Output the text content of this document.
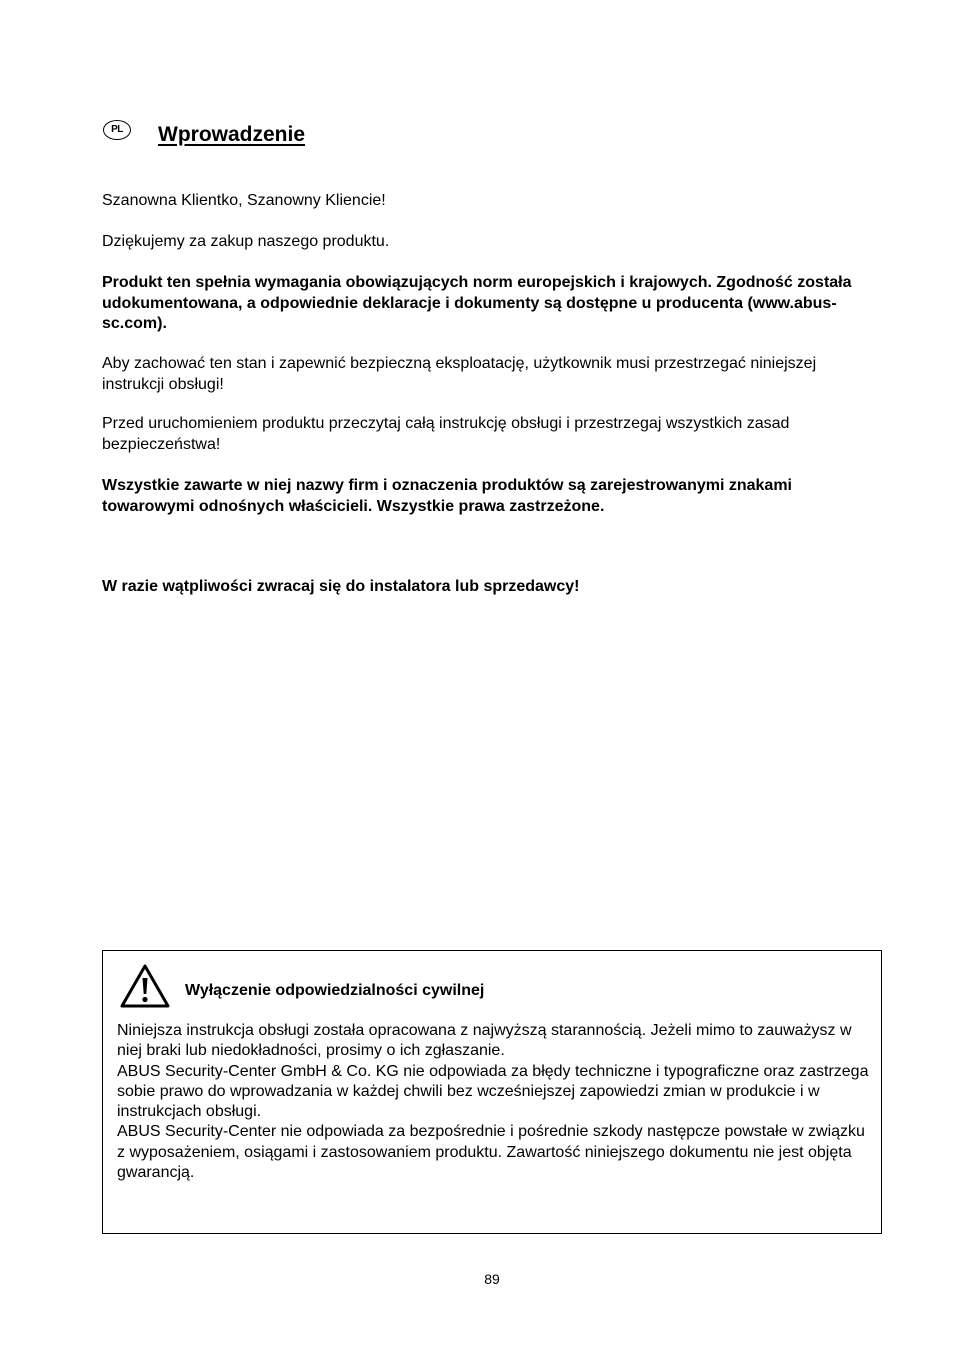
PL	Wprowadzenie
Szanowna Klientko, Szanowny Kliencie!
Dziękujemy za zakup naszego produktu.
Produkt ten spełnia wymagania obowiązujących norm europejskich i krajowych. Zgodność została udokumentowana, a odpowiednie deklaracje i dokumenty są dostępne u producenta (www.abus-sc.com).
Aby zachować ten stan i zapewnić bezpieczną eksploatację, użytkownik musi przestrzegać niniejszej instrukcji obsługi!
Przed uruchomieniem produktu przeczytaj całą instrukcję obsługi i przestrzegaj wszystkich zasad bezpieczeństwa!
Wszystkie zawarte w niej nazwy firm i oznaczenia produktów są zarejestrowanymi znakami towarowymi odnośnych właścicieli. Wszystkie prawa zastrzeżone.
W razie wątpliwości zwracaj się do instalatora lub sprzedawcy!
Wyłączenie odpowiedzialności cywilnej

Niniejsza instrukcja obsługi została opracowana z najwyższą starannością. Jeżeli mimo to zauważysz w niej braki lub niedokładności, prosimy o ich zgłaszanie.

ABUS Security-Center GmbH & Co. KG nie odpowiada za błędy techniczne i typograficzne oraz zastrzega sobie prawo do wprowadzania w każdej chwili bez wcześniejszej zapowiedzi zmian w produkcie i w instrukcjach obsługi.

ABUS Security-Center nie odpowiada za bezpośrednie i pośrednie szkody następcze powstałe w związku z wyposażeniem, osiągami i zastosowaniem produktu. Zawartość niniejszego dokumentu nie jest objęta gwarancją.

89
